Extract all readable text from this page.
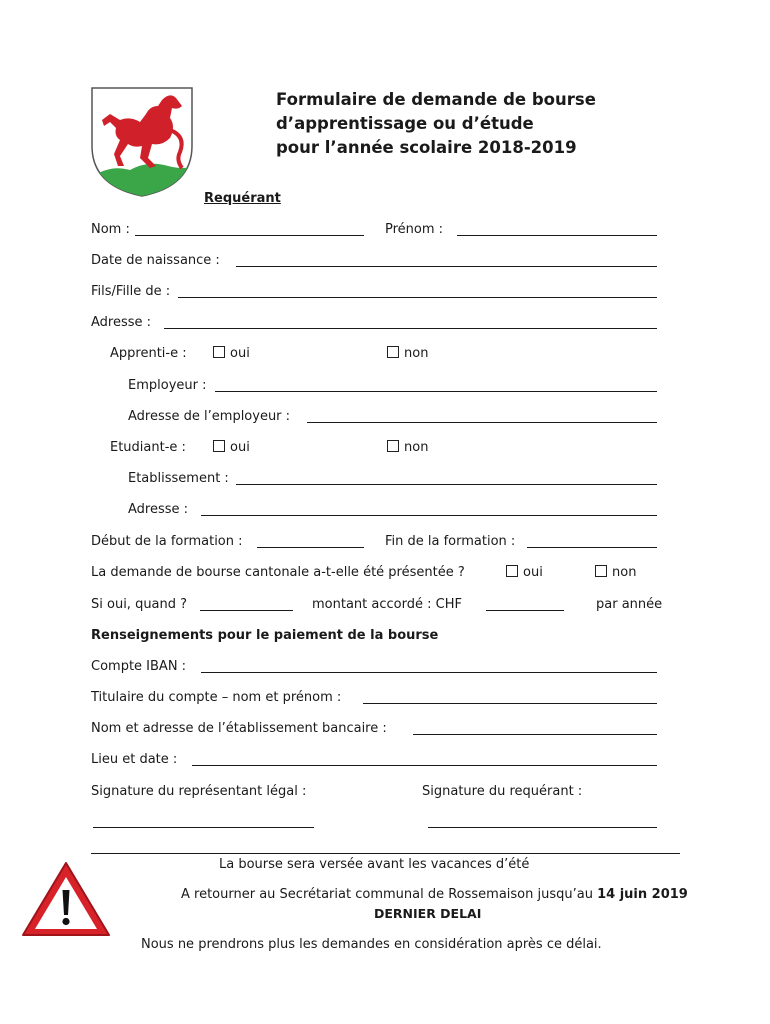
Formulaire de demande de bourse
d’apprentissage ou d’étude
pour l’année scolaire 2018-2019
Requérant
Nom :	Prénom :
Date de naissance :
Fils/Fille de :
Adresse :
Apprenti-e :	oui	non
Employeur :
Adresse de l’employeur :
Etudiant-e :	oui	non
Etablissement :
Adresse :
Début de la formation :	Fin de la formation :
La demande de bourse cantonale a-t-elle été présentée ?	oui	non
Si oui, quand ?	montant accordé : CHF	par année
Renseignements pour le paiement de la bourse
Compte IBAN :
Titulaire du compte – nom et prénom :
Nom et adresse de l’établissement bancaire :
Lieu et date :
Signature du représentant légal :	Signature du requérant :
La bourse sera versée avant les vacances d’été
A retourner au Secrétariat communal de Rossemaison jusqu’au 14 juin 2019
DERNIER DELAI
Nous ne prendrons plus les demandes en considération après ce délai.
